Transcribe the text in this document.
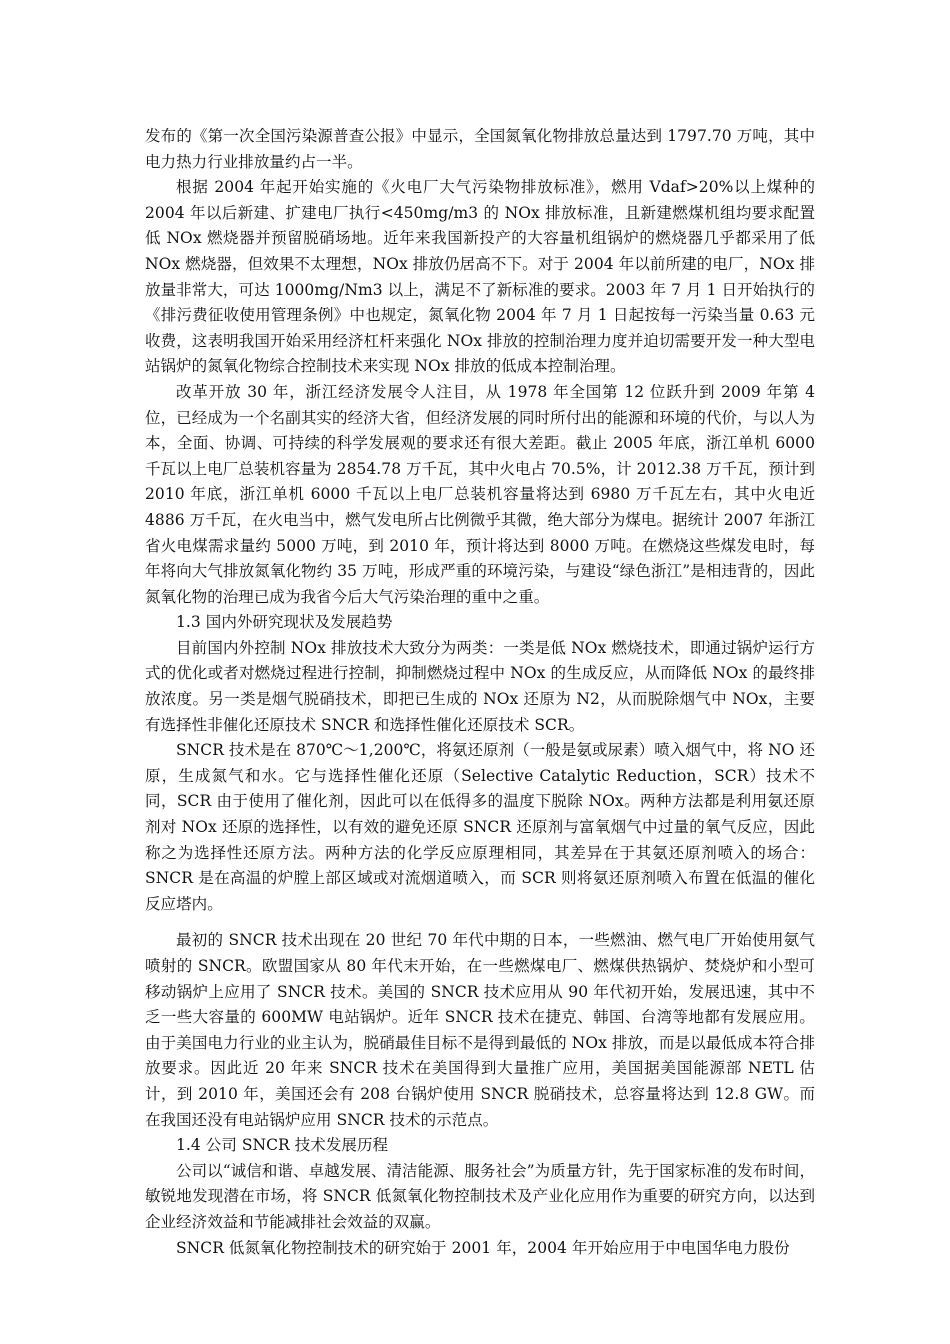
发布的《第一次全国污染源普查公报》中显示，全国氮氧化物排放总量达到 1797.70 万吨，其中电力热力行业排放量约占一半。

根据 2004 年起开始实施的《火电厂大气污染物排放标准》，燃用 Vdaf>20%以上煤种的 2004 年以后新建、扩建电厂执行<450mg/m3 的 NOx 排放标准，且新建燃煤机组均要求配置低 NOx 燃烧器并预留脱硝场地。近年来我国新投产的大容量机组锅炉的燃烧器几乎都采用了低 NOx 燃烧器，但效果不太理想，NOx 排放仍居高不下。对于 2004 年以前所建的电厂，NOx 排放量非常大，可达 1000mg/Nm3 以上，满足不了新标准的要求。2003 年 7 月 1 日开始执行的《排污费征收使用管理条例》中也规定，氮氧化物 2004 年 7 月 1 日起按每一污染当量 0.63 元收费，这表明我国开始采用经济杠杆来强化 NOx 排放的控制治理力度并迫切需要开发一种大型电站锅炉的氮氧化物综合控制技术来实现 NOx 排放的低成本控制治理。

改革开放 30 年，浙江经济发展令人注目，从 1978 年全国第 12 位跃升到 2009 年第 4 位，已经成为一个名副其实的经济大省，但经济发展的同时所付出的能源和环境的代价，与以人为本，全面、协调、可持续的科学发展观的要求还有很大差距。截止 2005 年底，浙江单机 6000 千瓦以上电厂总装机容量为 2854.78 万千瓦，其中火电占 70.5%，计 2012.38 万千瓦，预计到 2010 年底，浙江单机 6000 千瓦以上电厂总装机容量将达到 6980 万千瓦左右，其中火电近 4886 万千瓦，在火电当中，燃气发电所占比例微乎其微，绝大部分为煤电。据统计 2007 年浙江省火电煤需求量约 5000 万吨，到 2010 年，预计将达到 8000 万吨。在燃烧这些煤发电时，每年将向大气排放氮氧化物约 35 万吨，形成严重的环境污染，与建设“绿色浙江”是相违背的，因此氮氧化物的治理已成为我省今后大气污染治理的重中之重。

1.3 国内外研究现状及发展趋势

目前国内外控制 NOx 排放技术大致分为两类：一类是低 NOx 燃烧技术，即通过锅炉运行方式的优化或者对燃烧过程进行控制，抑制燃烧过程中 NOx 的生成反应，从而降低 NOx 的最终排放浓度。另一类是烟气脱硝技术，即把已生成的 NOx 还原为 N2，从而脱除烟气中 NOx，主要有选择性非催化还原技术 SNCR 和选择性催化还原技术 SCR。

SNCR 技术是在 870℃～1,200℃，将氨还原剂（一般是氨或尿素）喷入烟气中，将 NO 还原，生成氮气和水。它与选择性催化还原（Selective Catalytic Reduction，SCR）技术不同，SCR 由于使用了催化剂，因此可以在低得多的温度下脱除 NOx。两种方法都是利用氨还原剂对 NOx 还原的选择性，以有效的避免还原 SNCR 还原剂与富氧烟气中过量的氧气反应，因此称之为选择性还原方法。两种方法的化学反应原理相同，其差异在于其氨还原剂喷入的场合：SNCR 是在高温的炉膛上部区域或对流烟道喷入，而 SCR 则将氨还原剂喷入布置在低温的催化反应塔内。

最初的 SNCR 技术出现在 20 世纪 70 年代中期的日本，一些燃油、燃气电厂开始使用氨气喷射的 SNCR。欧盟国家从 80 年代末开始，在一些燃煤电厂、燃煤供热锅炉、焚烧炉和小型可移动锅炉上应用了 SNCR 技术。美国的 SNCR 技术应用从 90 年代初开始，发展迅速，其中不乏一些大容量的 600MW 电站锅炉。近年 SNCR 技术在捷克、韩国、台湾等地都有发展应用。由于美国电力行业的业主认为，脱硝最佳目标不是得到最低的 NOx 排放，而是以最低成本符合排放要求。因此近 20 年来 SNCR 技术在美国得到大量推广应用，美国据美国能源部 NETL 估计，到 2010 年，美国还会有 208 台锅炉使用 SNCR 脱硝技术，总容量将达到 12.8 GW。而在我国还没有电站锅炉应用 SNCR 技术的示范点。

1.4 公司 SNCR 技术发展历程

公司以“诚信和谐、卓越发展、清洁能源、服务社会”为质量方针，先于国家标准的发布时间，敏锐地发现潜在市场，将 SNCR 低氮氧化物控制技术及产业化应用作为重要的研究方向，以达到企业经济效益和节能减排社会效益的双赢。

SNCR 低氮氧化物控制技术的研究始于 2001 年，2004 年开始应用于中电国华电力股份
